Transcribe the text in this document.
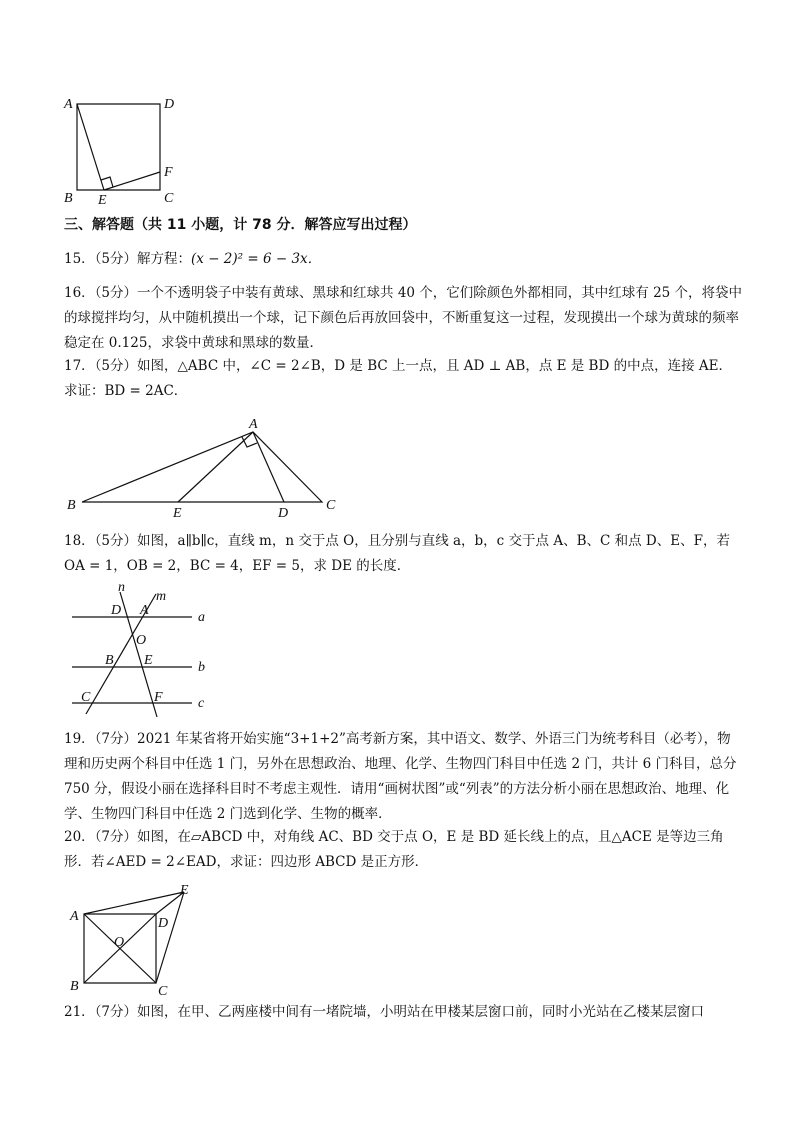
A	D
F
B E	C
三、解答题（共 11 小题，计 78 分．解答应写出过程）

15．（5分）解方程：(x − 2)² = 6 − 3x．

16．（5分）一个不透明袋子中装有黄球、黑球和红球共 40 个，它们除颜色外都相同，其中红球有 25 个，将袋中的球搅拌均匀，从中随机摸出一个球，记下颜色后再放回袋中，不断重复这一过程，发现摸出一个球为黄球的频率稳定在 0.125，求袋中黄球和黑球的数量．

17．（5分）如图，△ABC 中，∠C = 2∠B，D 是 BC 上一点，且 AD ⊥ AB，点 E 是 BD 的中点，连接 AE．求证：BD = 2AC．

A
B
E	D
C

18．（5分）如图，a∥b∥c，直线 m，n 交于点 O，且分别与直线 a，b，c 交于点 A、B、C 和点 D、E、F，若 OA = 1，OB = 2，BC = 4，EF = 5，求 DE 的长度．

n
m
D A	a
O
B E	b
C	F	c

19．（7分）2021 年某省将开始实施“3+1+2”高考新方案，其中语文、数学、外语三门为统考科目（必考），物理和历史两个科目中任选 1 门，另外在思想政治、地理、化学、生物四门科目中任选 2 门，共计 6 门科目，总分 750 分，假设小丽在选择科目时不考虑主观性．请用“画树状图”或“列表”的方法分析小丽在思想政治、地理、化学、生物四门科目中任选 2 门选到化学、生物的概率．

20．（7分）如图，在▱ABCD 中，对角线 AC、BD 交于点 O，E 是 BD 延长线上的点，且△ACE 是等边三角形．若∠AED = 2∠EAD，求证：四边形 ABCD 是正方形．

A	D
E
O
B	C

21．（7分）如图，在甲、乙两座楼中间有一堵院墙，小明站在甲楼某层窗口前，同时小光站在乙楼某层窗口
